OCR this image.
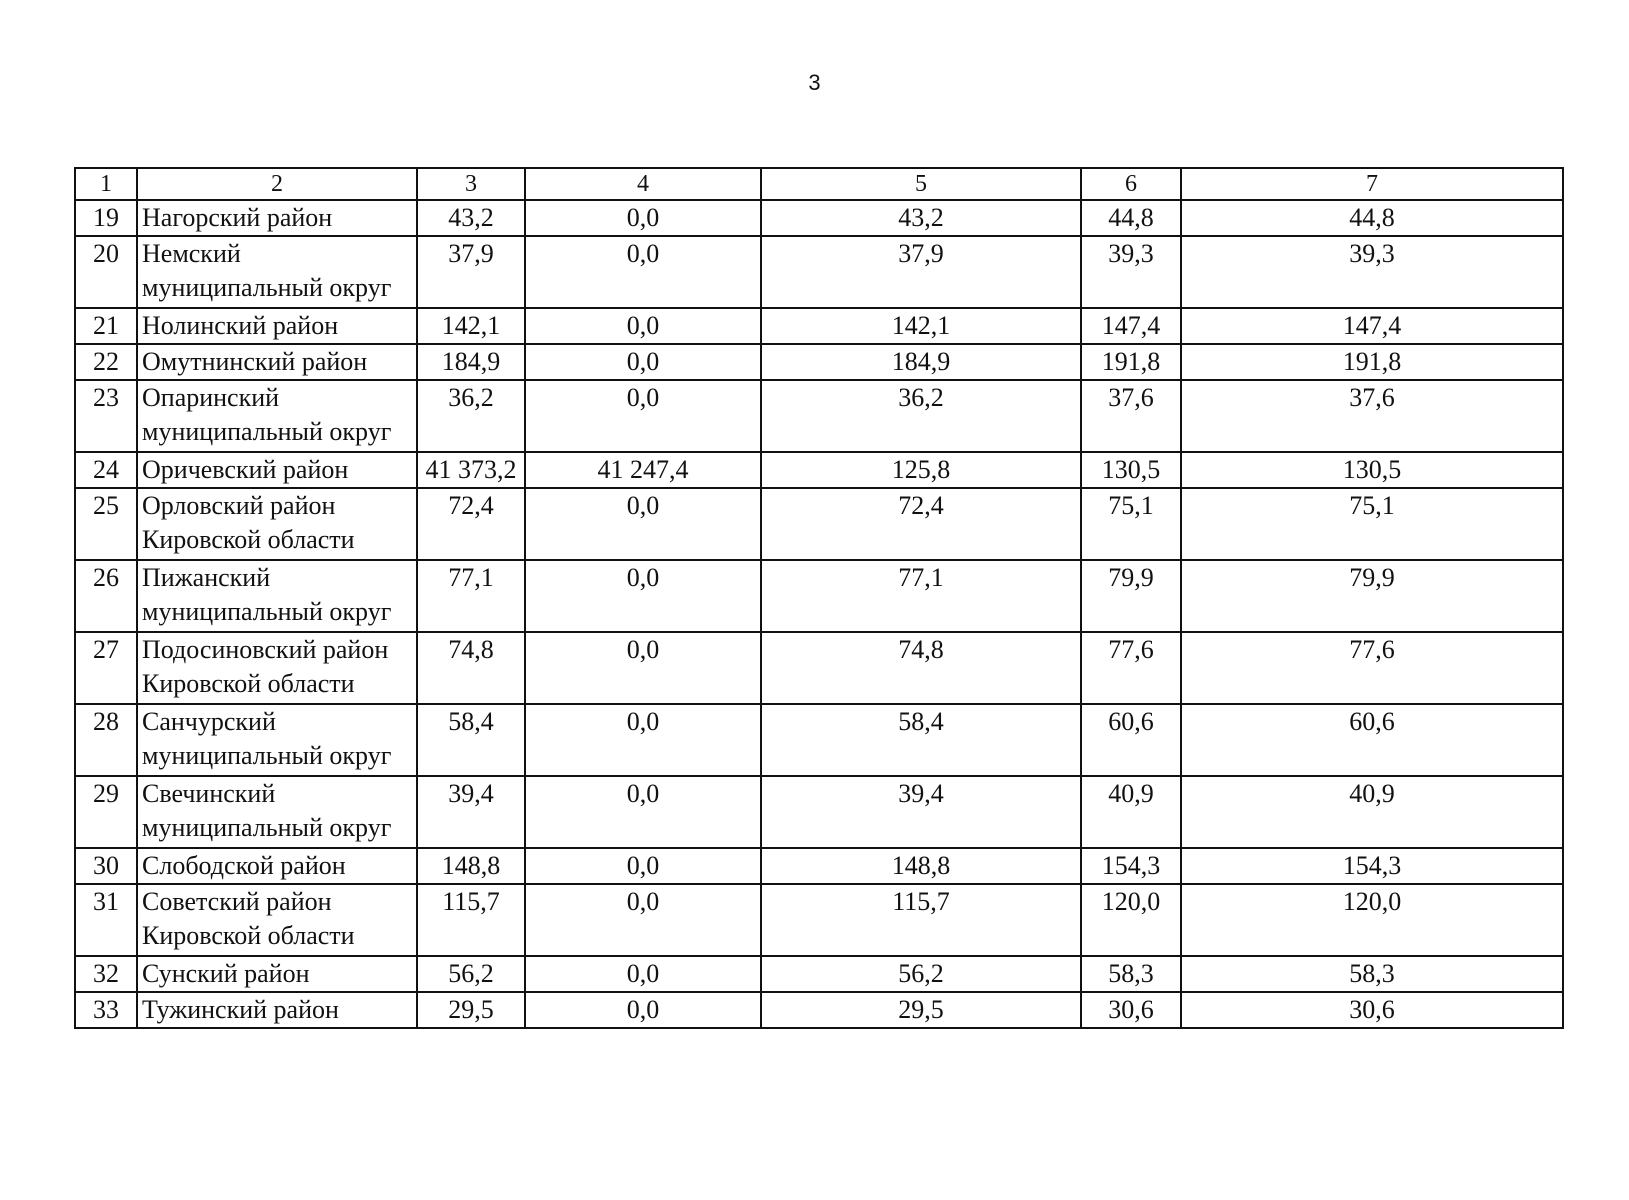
3
1	2	3	4	5	6	7
19	Нагорский район	43,2	0,0	43,2	44,8	44,8
20	Немский
муниципальный округ	37,9	0,0	37,9	39,3	39,3
21	Нолинский район	142,1	0,0	142,1	147,4	147,4
22	Омутнинский район	184,9	0,0	184,9	191,8	191,8
23	Опаринский
муниципальный округ	36,2	0,0	36,2	37,6	37,6
24	Оричевский район	41 373,2	41 247,4	125,8	130,5	130,5
25	Орловский район
Кировской области	72,4	0,0	72,4	75,1	75,1
26	Пижанский
муниципальный округ	77,1	0,0	77,1	79,9	79,9
27	Подосиновский район
Кировской области	74,8	0,0	74,8	77,6	77,6
28	Санчурский
муниципальный округ	58,4	0,0	58,4	60,6	60,6
29	Свечинский
муниципальный округ	39,4	0,0	39,4	40,9	40,9
30	Слободской район	148,8	0,0	148,8	154,3	154,3
31	Советский район
Кировской области	115,7	0,0	115,7	120,0	120,0
32	Сунский район	56,2	0,0	56,2	58,3	58,3
33	Тужинский район	29,5	0,0	29,5	30,6	30,6
